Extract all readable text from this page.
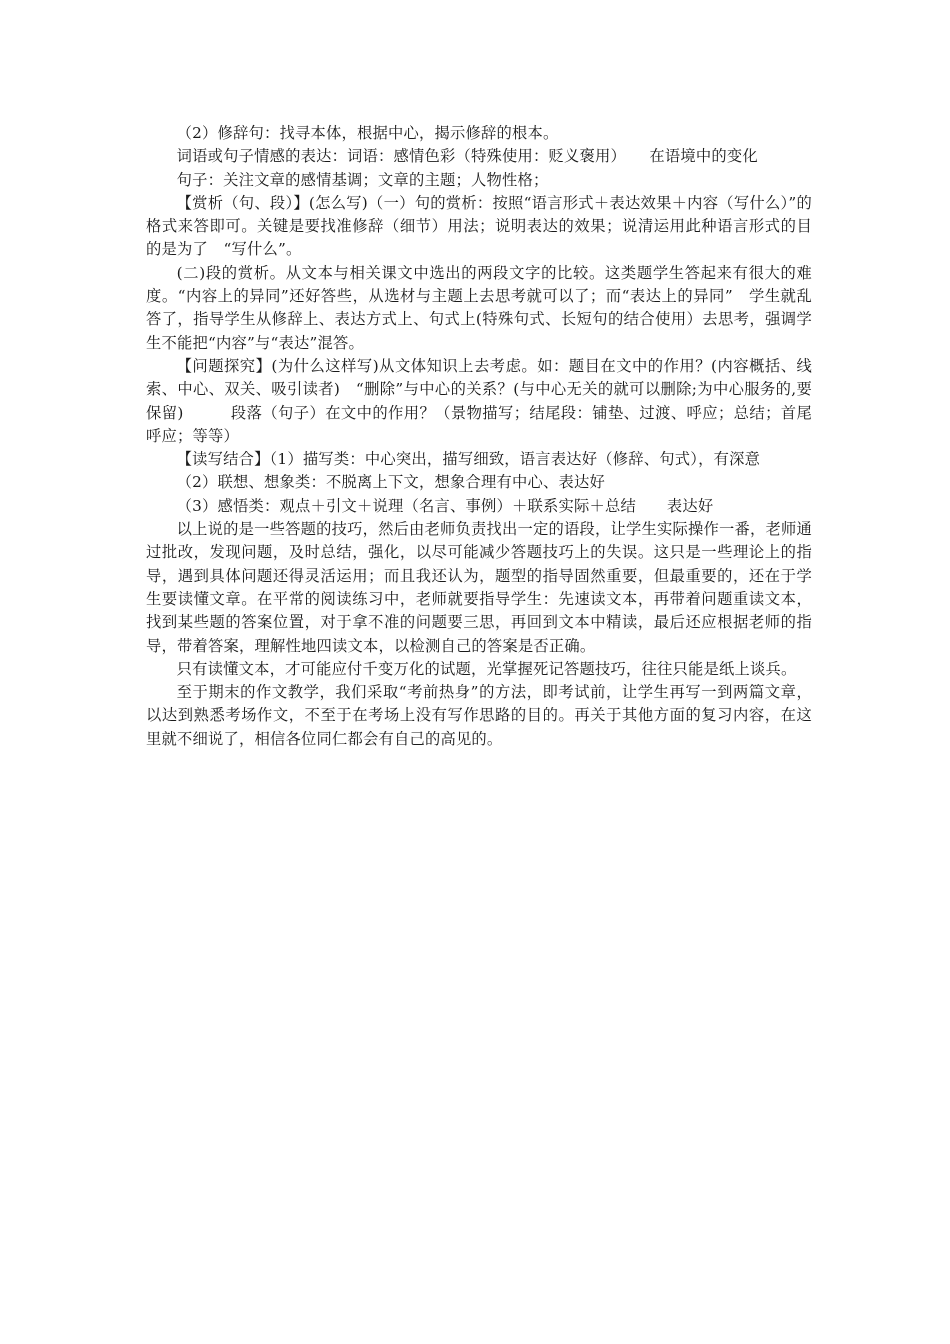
（2）修辞句：找寻本体，根据中心，揭示修辞的根本。

词语或句子情感的表达：词语：感情色彩（特殊使用：贬义褒用）　　在语境中的变化

句子：关注文章的感情基调；文章的主题；人物性格；

【赏析（句、段）】(怎么写)（一）句的赏析：按照“语言形式＋表达效果＋内容（写什么）”的格式来答即可。关键是要找准修辞（细节）用法；说明表达的效果；说清运用此种语言形式的目的是为了　“写什么”。

(二)段的赏析。从文本与相关课文中选出的两段文字的比较。这类题学生答起来有很大的难度。“内容上的异同”还好答些，从选材与主题上去思考就可以了；而“表达上的异同”　学生就乱答了，指导学生从修辞上、表达方式上、句式上(特殊句式、长短句的结合使用）去思考，强调学生不能把“内容”与“表达”混答。

【问题探究】(为什么这样写)从文体知识上去考虑。如：题目在文中的作用？(内容概括、线索、中心、双关、吸引读者)　“删除”与中心的关系？(与中心无关的就可以删除;为中心服务的,要保留)　　　段落（句子）在文中的作用？（景物描写；结尾段：铺垫、过渡、呼应；总结；首尾呼应；等等）

【读写结合】（1）描写类：中心突出，描写细致，语言表达好（修辞、句式），有深意

（2）联想、想象类：不脱离上下文，想象合理有中心、表达好

（3）感悟类：观点＋引文＋说理（名言、事例）＋联系实际＋总结　　表达好

以上说的是一些答题的技巧，然后由老师负责找出一定的语段，让学生实际操作一番，老师通过批改，发现问题，及时总结，强化，以尽可能减少答题技巧上的失误。这只是一些理论上的指导，遇到具体问题还得灵活运用；而且我还认为，题型的指导固然重要，但最重要的，还在于学生要读懂文章。在平常的阅读练习中，老师就要指导学生：先速读文本，再带着问题重读文本，找到某些题的答案位置，对于拿不准的问题要三思，再回到文本中精读，最后还应根据老师的指导，带着答案，理解性地四读文本，以检测自己的答案是否正确。

只有读懂文本，才可能应付千变万化的试题，光掌握死记答题技巧，往往只能是纸上谈兵。

至于期末的作文教学，我们采取“考前热身”的方法，即考试前，让学生再写一到两篇文章，以达到熟悉考场作文，不至于在考场上没有写作思路的目的。再关于其他方面的复习内容，在这里就不细说了，相信各位同仁都会有自己的高见的。
